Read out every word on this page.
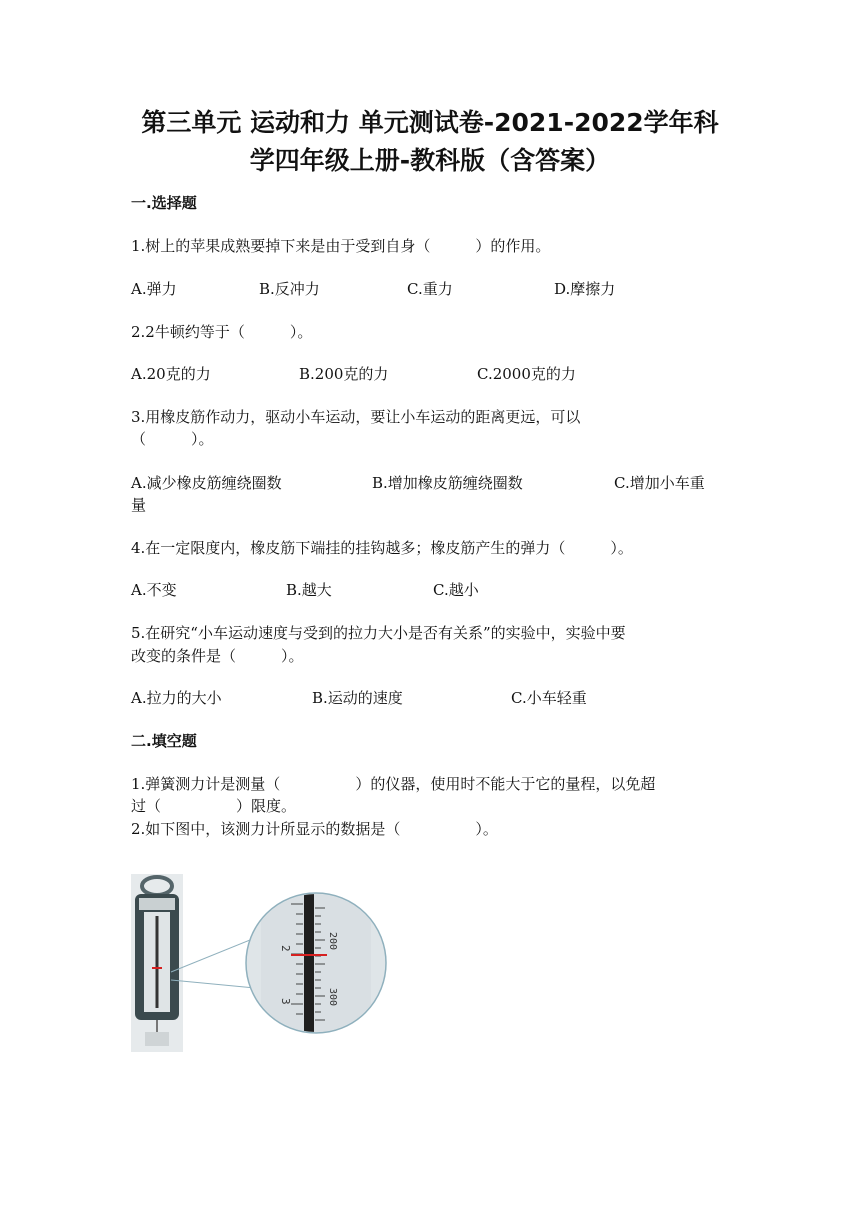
第三单元 运动和力 单元测试卷-2021-2022学年科
学四年级上册-教科版（含答案）
一.选择题
1.树上的苹果成熟要掉下来是由于受到自身（　　　）的作用。
A.弹力	B.反冲力	C.重力	D.摩擦力
2.2牛顿约等于（　　　）。
A.20克的力	B.200克的力	C.2000克的力
3.用橡皮筋作动力，驱动小车运动，要让小车运动的距离更远，可以
（　　　）。
A.减少橡皮筋缠绕圈数	B.增加橡皮筋缠绕圈数	C.增加小车重
量
4.在一定限度内，橡皮筋下端挂的挂钩越多；橡皮筋产生的弹力（　　　）。
A.不变	B.越大	C.越小
5.在研究“小车运动速度与受到的拉力大小是否有关系”的实验中，实验中要
改变的条件是（　　　）。
A.拉力的大小	B.运动的速度	C.小车轻重
二.填空题
1.弹簧测力计是测量（　　　　　）的仪器，使用时不能大于它的量程，以免超
过（　　　　　）限度。
2.如下图中，该测力计所显示的数据是（　　　　　）。
2
3
200
300
